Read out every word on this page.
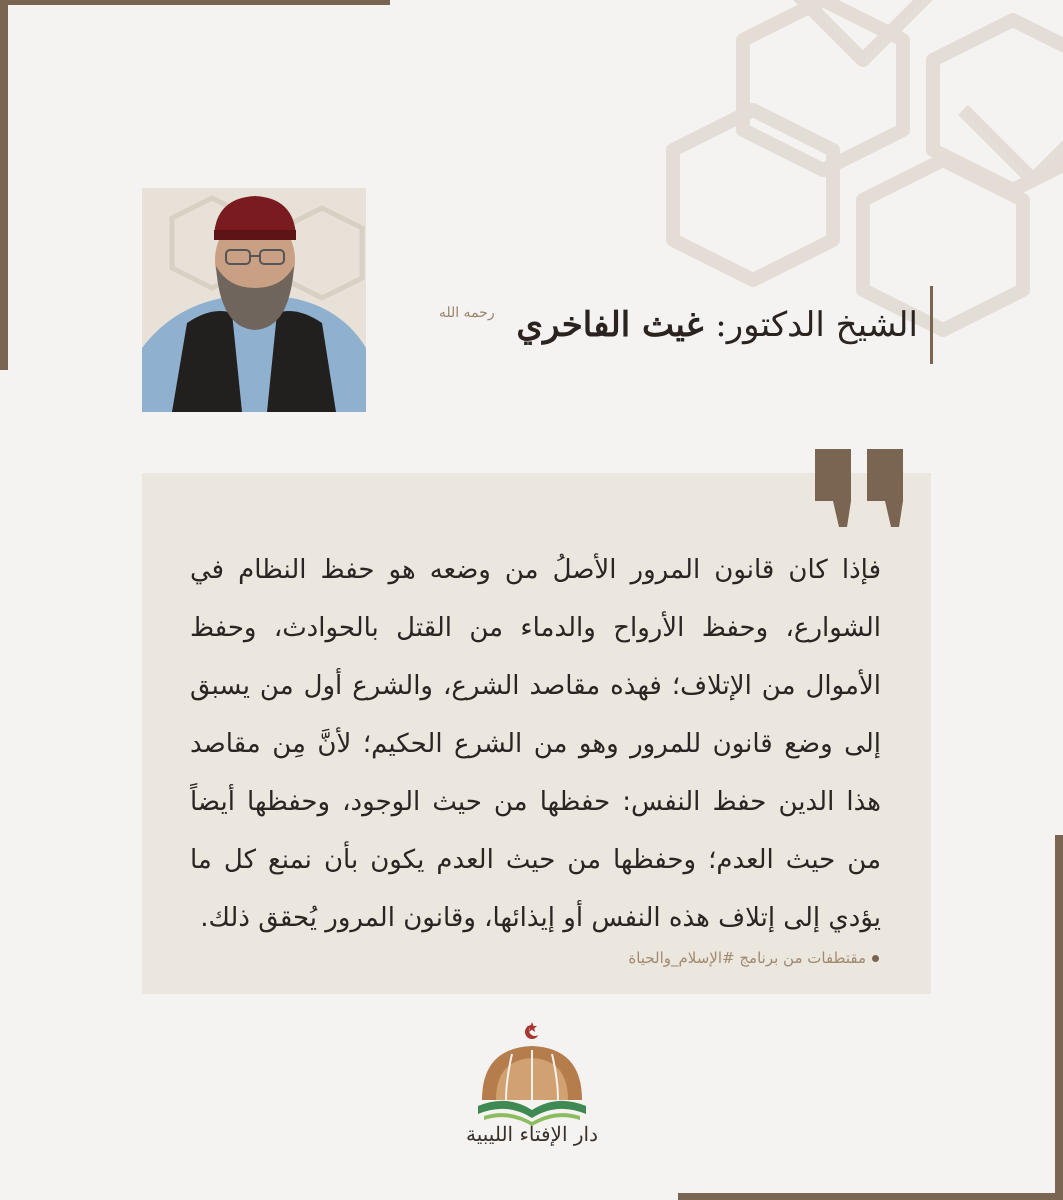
الشيخ الدكتور: غيث الفاخري $^{رحمه الله}$
فإذا كان قانون المرور الأصلُ من وضعه هو حفظ النظام في الشوارع، وحفظ الأرواح والدماء من القتل بالحوادث، وحفظ الأموال من الإتلاف؛ فهذه مقاصد الشرع، والشرع أول من يسبق إلى وضع قانون للمرور وهو من الشرع الحكيم؛ لأنَّ مِن مقاصد هذا الدين حفظ النفس: حفظها من حيث الوجود، وحفظها أيضاً من حيث العدم؛ وحفظها من حيث العدم يكون بأن نمنع كل ما يؤدي إلى إتلاف هذه النفس أو إيذائها، وقانون المرور يُحقق ذلك.
مقتطفات من برنامج #الإسلام_والحياة
دار الإفتاء الليبية
